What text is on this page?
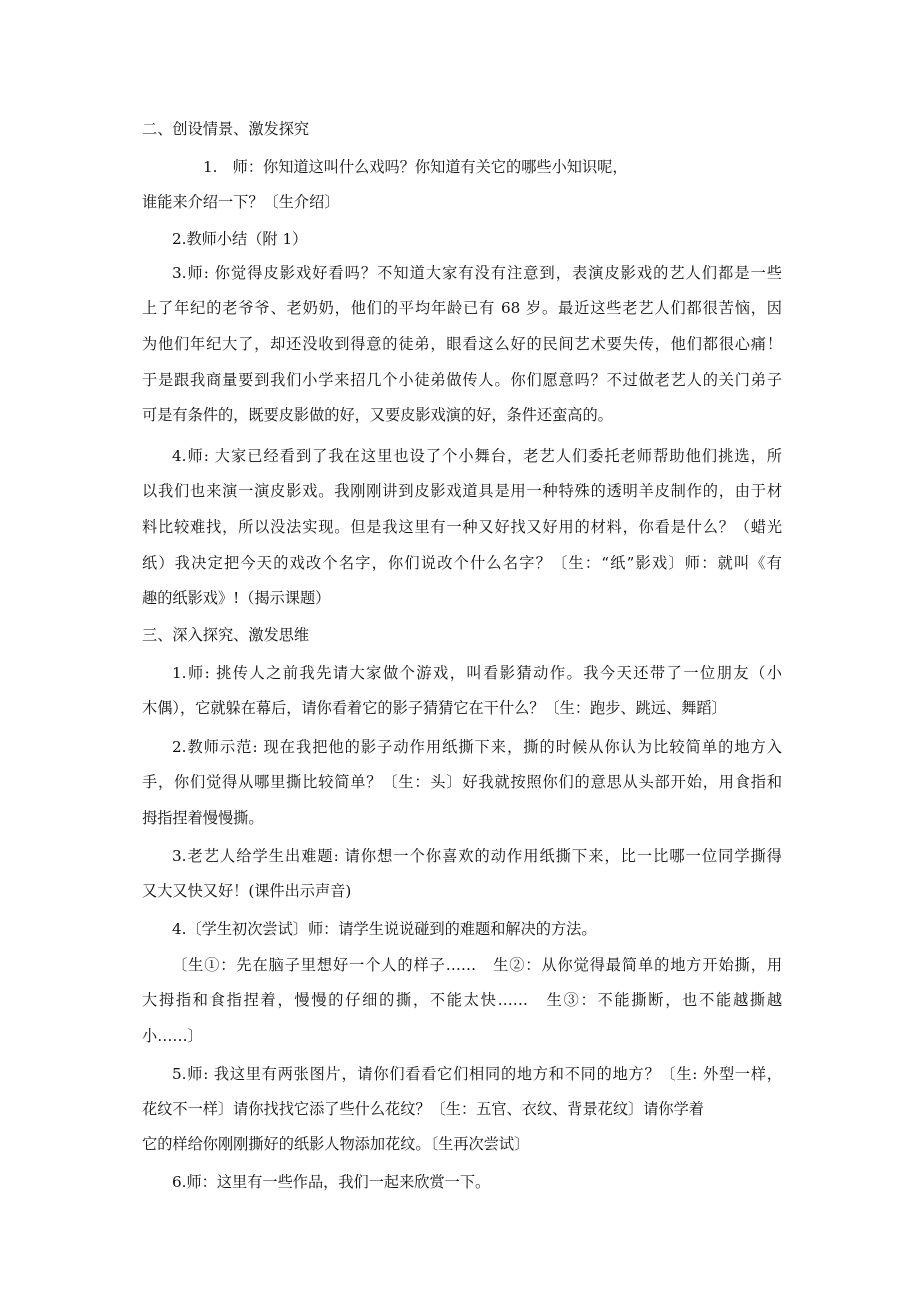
二、创设情景、激发探究

1.　师：你知道这叫什么戏吗？你知道有关它的哪些小知识呢，

谁能来介绍一下？〔生介绍〕

2.教师小结（附 1）

3.师: 你觉得皮影戏好看吗？不知道大家有没有注意到，表演皮影戏的艺人们都是一些

上了年纪的老爷爷、老奶奶，他们的平均年龄已有 68 岁。最近这些老艺人们都很苦恼，因

为他们年纪大了，却还没收到得意的徒弟，眼看这么好的民间艺术要失传，他们都很心痛！

于是跟我商量要到我们小学来招几个小徒弟做传人。你们愿意吗？不过做老艺人的关门弟子

可是有条件的，既要皮影做的好，又要皮影戏演的好，条件还蛮高的。

4.师: 大家已经看到了我在这里也设了个小舞台，老艺人们委托老师帮助他们挑选，所

以我们也来演一演皮影戏。我刚刚讲到皮影戏道具是用一种特殊的透明羊皮制作的，由于材

料比较难找，所以没法实现。但是我这里有一种又好找又好用的材料，你看是什么？（蜡光

纸）我决定把今天的戏改个名字，你们说改个什么名字？〔生：“纸”影戏〕师：就叫《有

趣的纸影戏》!（揭示课题）

三、深入探究、激发思维

1.师: 挑传人之前我先请大家做个游戏，叫看影猜动作。我今天还带了一位朋友（小

木偶），它就躲在幕后，请你看着它的影子猜猜它在干什么？〔生：跑步、跳远、舞蹈〕

2.教师示范: 现在我把他的影子动作用纸撕下来，撕的时候从你认为比较简单的地方入

手，你们觉得从哪里撕比较简单？〔生：头〕好我就按照你们的意思从头部开始，用食指和

拇指捏着慢慢撕。

3.老艺人给学生出难题: 请你想一个你喜欢的动作用纸撕下来，比一比哪一位同学撕得

又大又快又好！(课件出示声音)

4.〔学生初次尝试〕师：请学生说说碰到的难题和解决的方法。

〔生①：先在脑子里想好一个人的样子……　生②：从你觉得最简单的地方开始撕，用

大拇指和食指捏着，慢慢的仔细的撕，不能太快……　生③：不能撕断，也不能越撕越

小……〕

5.师: 我这里有两张图片，请你们看看它们相同的地方和不同的地方？〔生: 外型一样，

花纹不一样〕请你找找它添了些什么花纹？〔生：五官、衣纹、背景花纹〕请你学着

它的样给你刚刚撕好的纸影人物添加花纹。〔生再次尝试〕

6.师：这里有一些作品，我们一起来欣赏一下。
